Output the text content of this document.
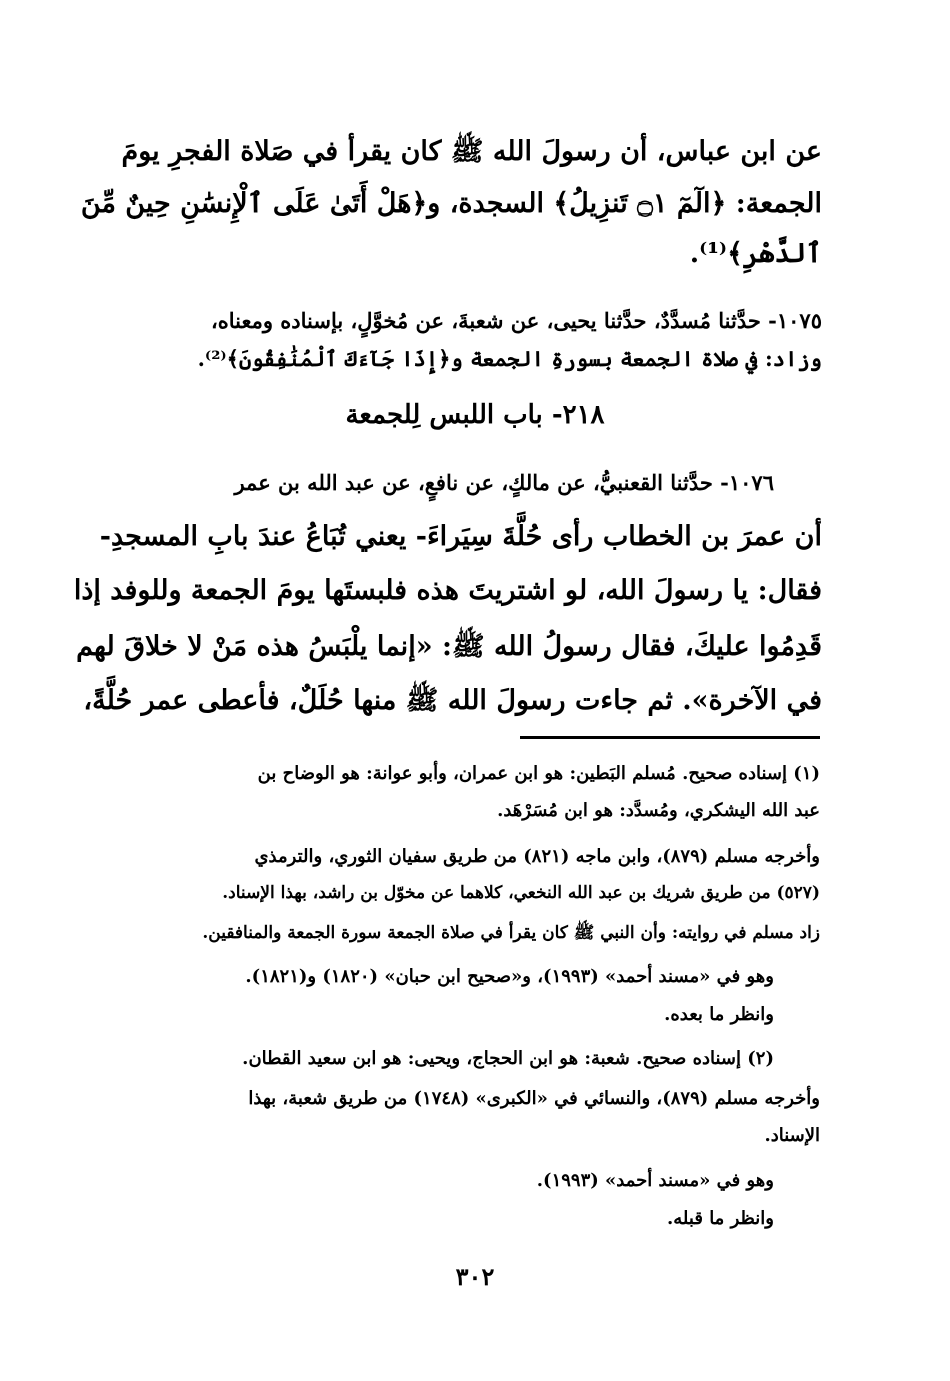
عن ابن عباس، أن رسولَ الله ﷺ كان يقرأ في صَلاة الفجرِ يومَ
الجمعة: ﴿الٓمٓ ۝١ تَنزِيلُ﴾ السجدة، و﴿هَلْ أَتَىٰ عَلَى ٱلْإِنسَٰنِ حِينٌ مِّنَ
ٱلدَّهْرِ﴾⁽¹⁾.
١٠٧٥- حدَّثنا مُسدَّدٌ، حدَّثنا يحيى، عن شعبةَ، عن مُخوَّلٍ، بإسناده ومعناه،
وزاد: في صلاة الجمعة بسورةِ الجمعة و﴿إِذَا جَآءَكَ ٱلْمُنَٰفِقُونَ﴾⁽²⁾.
٢١٨- باب اللبس لِلجمعة
١٠٧٦- حدَّثنا القعنبيُّ، عن مالكٍ، عن نافعٍ، عن عبد الله بن عمر
أن عمرَ بن الخطاب رأى حُلَّةَ سِيَراءَ- يعني تُبَاعُ عندَ بابِ المسجدِ-
فقال: يا رسولَ الله، لو اشتريتَ هذه فلبستَها يومَ الجمعة وللوفد إذا
قَدِمُوا عليكَ، فقال رسولُ الله ﷺ: «إنما يلْبَسُ هذه مَنْ لا خلاقَ لهم
في الآخرة». ثم جاءت رسولَ الله ﷺ منها حُلَلٌ، فأعطى عمر حُلَّةً،
(١) إسناده صحيح. مُسلم البَطين: هو ابن عمران، وأبو عوانة: هو الوضاح بن
عبد الله اليشكري، ومُسدَّد: هو ابن مُسَرْهَد.
وأخرجه مسلم (٨٧٩)، وابن ماجه (٨٢١) من طريق سفيان الثوري، والترمذي
(٥٢٧) من طريق شريك بن عبد الله النخعي، كلاهما عن مخوّل بن راشد، بهذا الإسناد.
زاد مسلم في روايته: وأن النبي ﷺ كان يقرأ في صلاة الجمعة سورة الجمعة والمنافقين.
وهو في «مسند أحمد» (١٩٩٣)، و«صحيح ابن حبان» (١٨٢٠) و(١٨٢١).
وانظر ما بعده.
(٢) إسناده صحيح. شعبة: هو ابن الحجاج، ويحيى: هو ابن سعيد القطان.
وأخرجه مسلم (٨٧٩)، والنسائي في «الكبرى» (١٧٤٨) من طريق شعبة، بهذا
الإسناد.
وهو في «مسند أحمد» (١٩٩٣).
وانظر ما قبله.
٣٠٢
